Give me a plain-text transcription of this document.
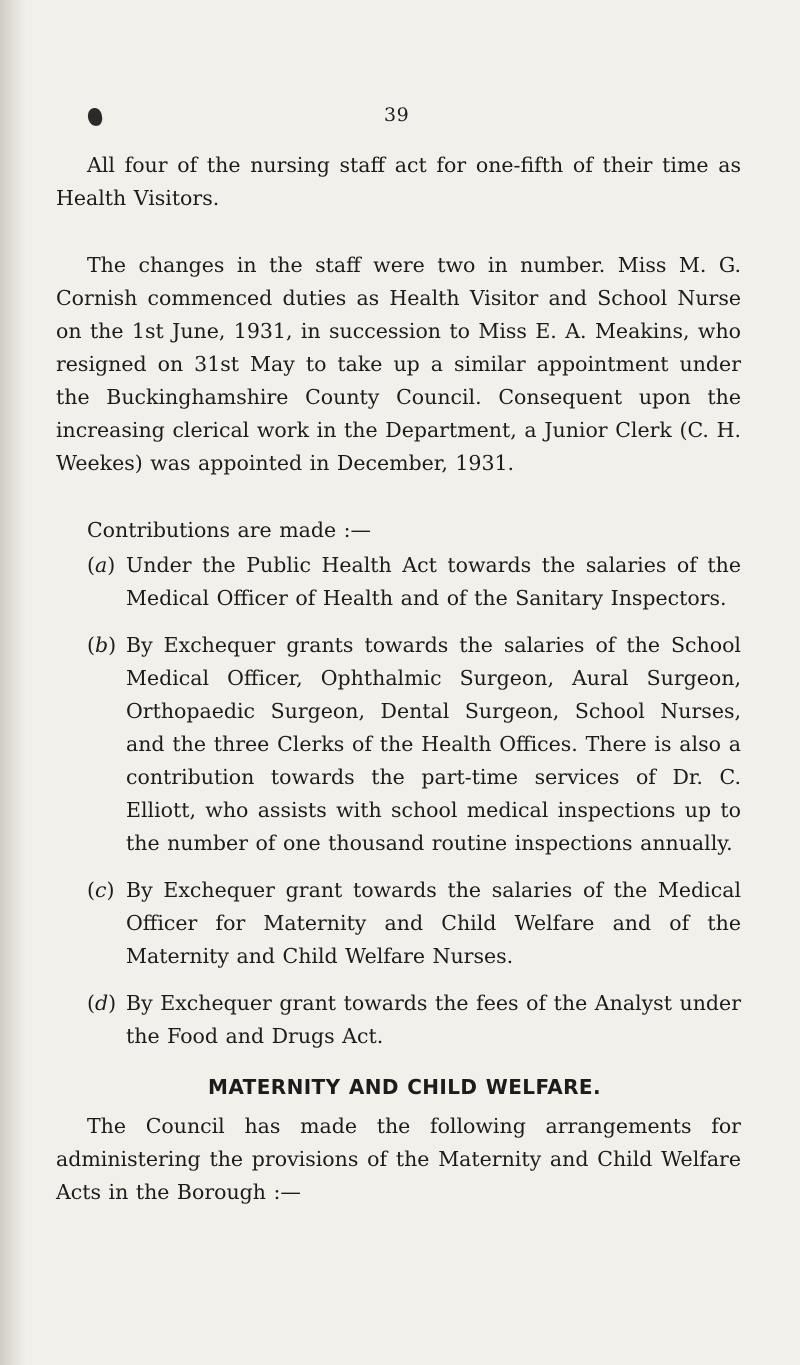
39

All four of the nursing staff act for one-fifth of their time as Health Visitors.

The changes in the staff were two in number. Miss M. G. Cornish commenced duties as Health Visitor and School Nurse on the 1st June, 1931, in succession to Miss E. A. Meakins, who resigned on 31st May to take up a similar appointment under the Buckinghamshire County Council. Consequent upon the increasing clerical work in the Department, a Junior Clerk (C. H. Weekes) was appointed in December, 1931.

Contributions are made :—

(a) Under the Public Health Act towards the salaries of the Medical Officer of Health and of the Sanitary Inspectors.
(b) By Exchequer grants towards the salaries of the School Medical Officer, Ophthalmic Surgeon, Aural Surgeon, Orthopaedic Surgeon, Dental Surgeon, School Nurses, and the three Clerks of the Health Offices. There is also a contribution towards the part-time services of Dr. C. Elliott, who assists with school medical inspections up to the number of one thousand routine inspections annually.
(c) By Exchequer grant towards the salaries of the Medical Officer for Maternity and Child Welfare and of the Maternity and Child Welfare Nurses.
(d) By Exchequer grant towards the fees of the Analyst under the Food and Drugs Act.
MATERNITY AND CHILD WELFARE.

The Council has made the following arrangements for administering the provisions of the Maternity and Child Welfare Acts in the Borough :—
